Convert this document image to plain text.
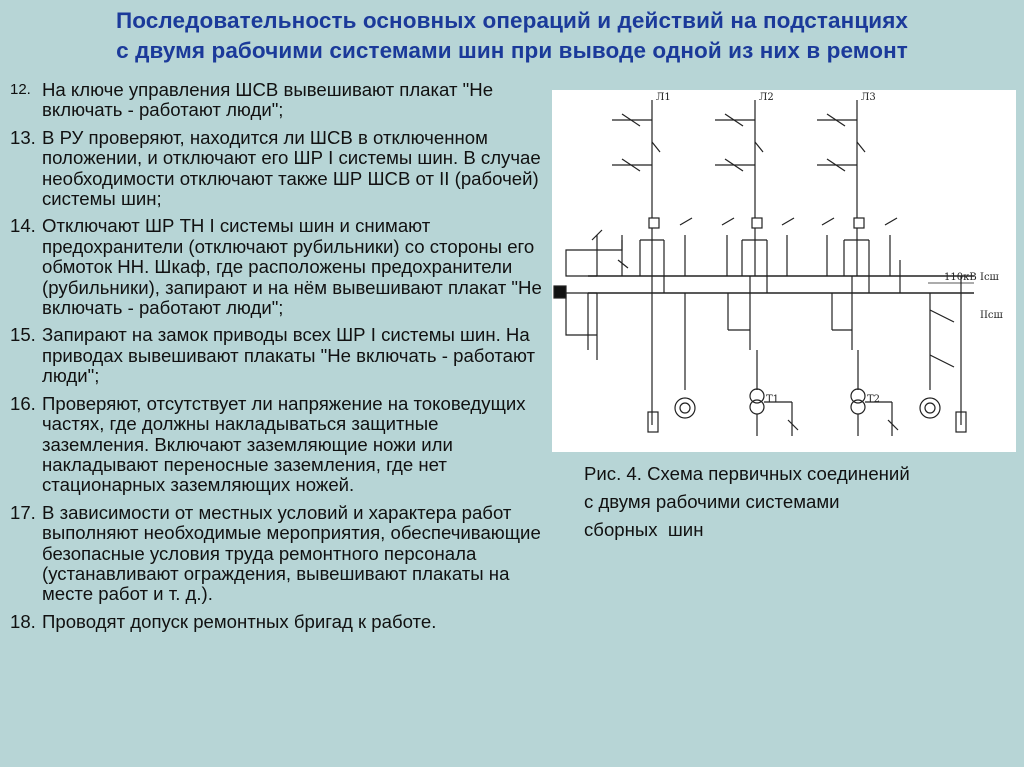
Последовательность основных операций и действий на подстанциях
с двумя рабочими системами шин при выводе одной из них в ремонт
12. На ключе управления ШСВ вывешивают плакат "Не включать - работают люди";
13. В РУ проверяют, находится ли ШСВ в отключенном положении, и отключают его ШР I системы шин. В случае необходимости отключают также ШР ШСВ от II (рабочей) системы шин;
14. Отключают ШР ТН I системы шин и снимают предохранители (отключают рубильники) со стороны его обмоток НН. Шкаф, где расположены предохранители (рубильники), запирают и на нём вывешивают плакат "Не включать - работают люди";
15. Запирают на замок приводы всех ШР I системы шин. На приводах вывешивают плакаты "Не включать - работают люди";
16. Проверяют, отсутствует ли напряжение на токоведущих частях, где должны накладываться защитные заземления. Включают заземляющие ножи или накладывают переносные заземления, где нет стационарных заземляющих ножей.
17. В зависимости от местных условий и характера работ выполняют необходимые мероприятия, обеспечивающие безопасные условия труда ремонтного персонала (устанавливают ограждения, вывешивают плакаты на месте работ и т. д.).
18. Проводят допуск ремонтных бригад к работе.
Л1	Л2	Л3
Т1	Т2
110кВ Iсш
IIсш
Рис. 4. Схема первичных соединений
с двумя рабочими системами
сборных  шин
